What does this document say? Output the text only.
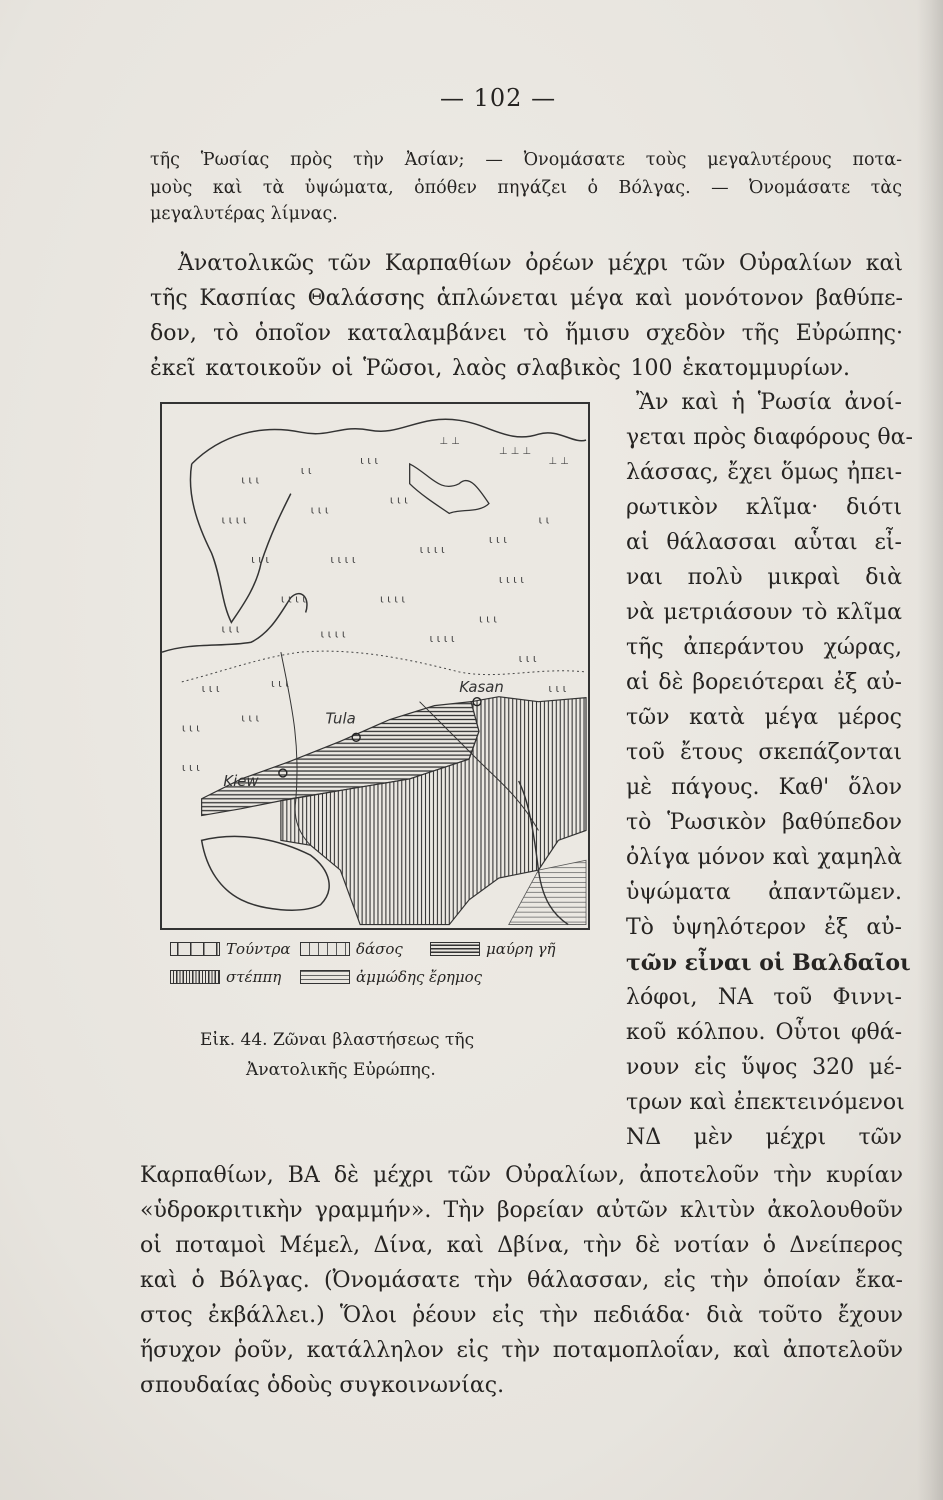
— 102 —
τῆς Ῥωσίας πρὸς τὴν Ἀσίαν; — Ὀνομάσατε τοὺς μεγαλυτέρους ποτα-
μοὺς καὶ τὰ ὑψώματα, ὁπόθεν πηγάζει ὁ Βόλγας. — Ὀνομάσατε τὰς
μεγαλυτέρας λίμνας.
Ἀνατολικῶς τῶν Καρπαθίων ὀρέων μέχρι τῶν Οὐραλίων καὶ
τῆς Κασπίας Θαλάσσης ἁπλώνεται μέγα καὶ μονότονον βαθύπε-
δον, τὸ ὁποῖον καταλαμβάνει τὸ ἥμισυ σχεδὸν τῆς Εὐρώπης·
ἐκεῖ κατοικοῦν οἱ Ῥῶσοι, λαὸς σλαβικὸς 100 ἑκατομμυρίων.
Ἂν καὶ ἡ Ῥωσία ἀνοί-
γεται πρὸς διαφόρους θα-
λάσσας, ἔχει ὅμως ἠπει-
ρωτικὸν κλῖμα· διότι
αἱ θάλασσαι αὗται εἶ-
ναι πολὺ μικραὶ διὰ
νὰ μετριάσουν τὸ κλῖμα
τῆς ἀπεράντου χώρας,
αἱ δὲ βορειότεραι ἐξ αὐ-
τῶν κατὰ μέγα μέρος
τοῦ ἔτους σκεπάζονται
μὲ πάγους. Καθ' ὅλον
τὸ Ῥωσικὸν βαθύπεδον
ὀλίγα μόνον καὶ χαμηλὰ
ὑψώματα ἀπαντῶμεν.
Τὸ ὑψηλότερον ἐξ αὐ-
τῶν εἶναι οἱ Βαλδαῖοι
λόφοι, ΝΑ τοῦ Φιννι-
κοῦ κόλπου. Οὗτοι φθά-
νουν εἰς ὕψος 320 μέ-
τρων καὶ ἐπεκτεινόμενοι
ΝΔ μὲν μέχρι τῶν
Καρπαθίων, ΒΑ δὲ μέχρι τῶν Οὐραλίων, ἀποτελοῦν τὴν κυρίαν
«ὑδροκριτικὴν γραμμήν». Τὴν βορείαν αὐτῶν κλιτὺν ἀκολουθοῦν
οἱ ποταμοὶ Μέμελ, Δίνα, καὶ Δβίνα, τὴν δὲ νοτίαν ὁ Δνείπερος
καὶ ὁ Βόλγας. (Ὀνομάσατε τὴν θάλασσαν, εἰς τὴν ὁποίαν ἔκα-
στος ἐκβάλλει.) Ὅλοι ῥέουν εἰς τὴν πεδιάδα· διὰ τοῦτο ἔχουν
ἥσυχον ῥοῦν, κατάλληλον εἰς τὴν ποταμοπλοΐαν, καὶ ἀποτελοῦν
σπουδαίας ὁδοὺς συγκοινωνίας.
ι ι ι
ι ι
ι ι ι
ι ι ι ι
ι ι ι
ι ι ι
ι ι ι
ι ι
ι ι ι	ι ι ι ι
ι ι ι ι
ι ι ι ι
ι ι ι ι	ι ι ι ι
ι ι ι
ι ι ι	ι ι ι ι	ι ι ι ι
ι ι ι
ι ι ι
ι ι ι	ι ι ι
ι ι ι
ι ι ι
ι ι ι
⊥ ⊥
⊥ ⊥ ⊥
⊥ ⊥
Kasan
Tula
Kiew
Τούντρα	δάσος	μαύρη γῆ
στέππη	ἀμμώδης ἔρημος
Εἰκ. 44. Ζῶναι βλαστήσεως τῆς
Ἀνατολικῆς Εὐρώπης.
